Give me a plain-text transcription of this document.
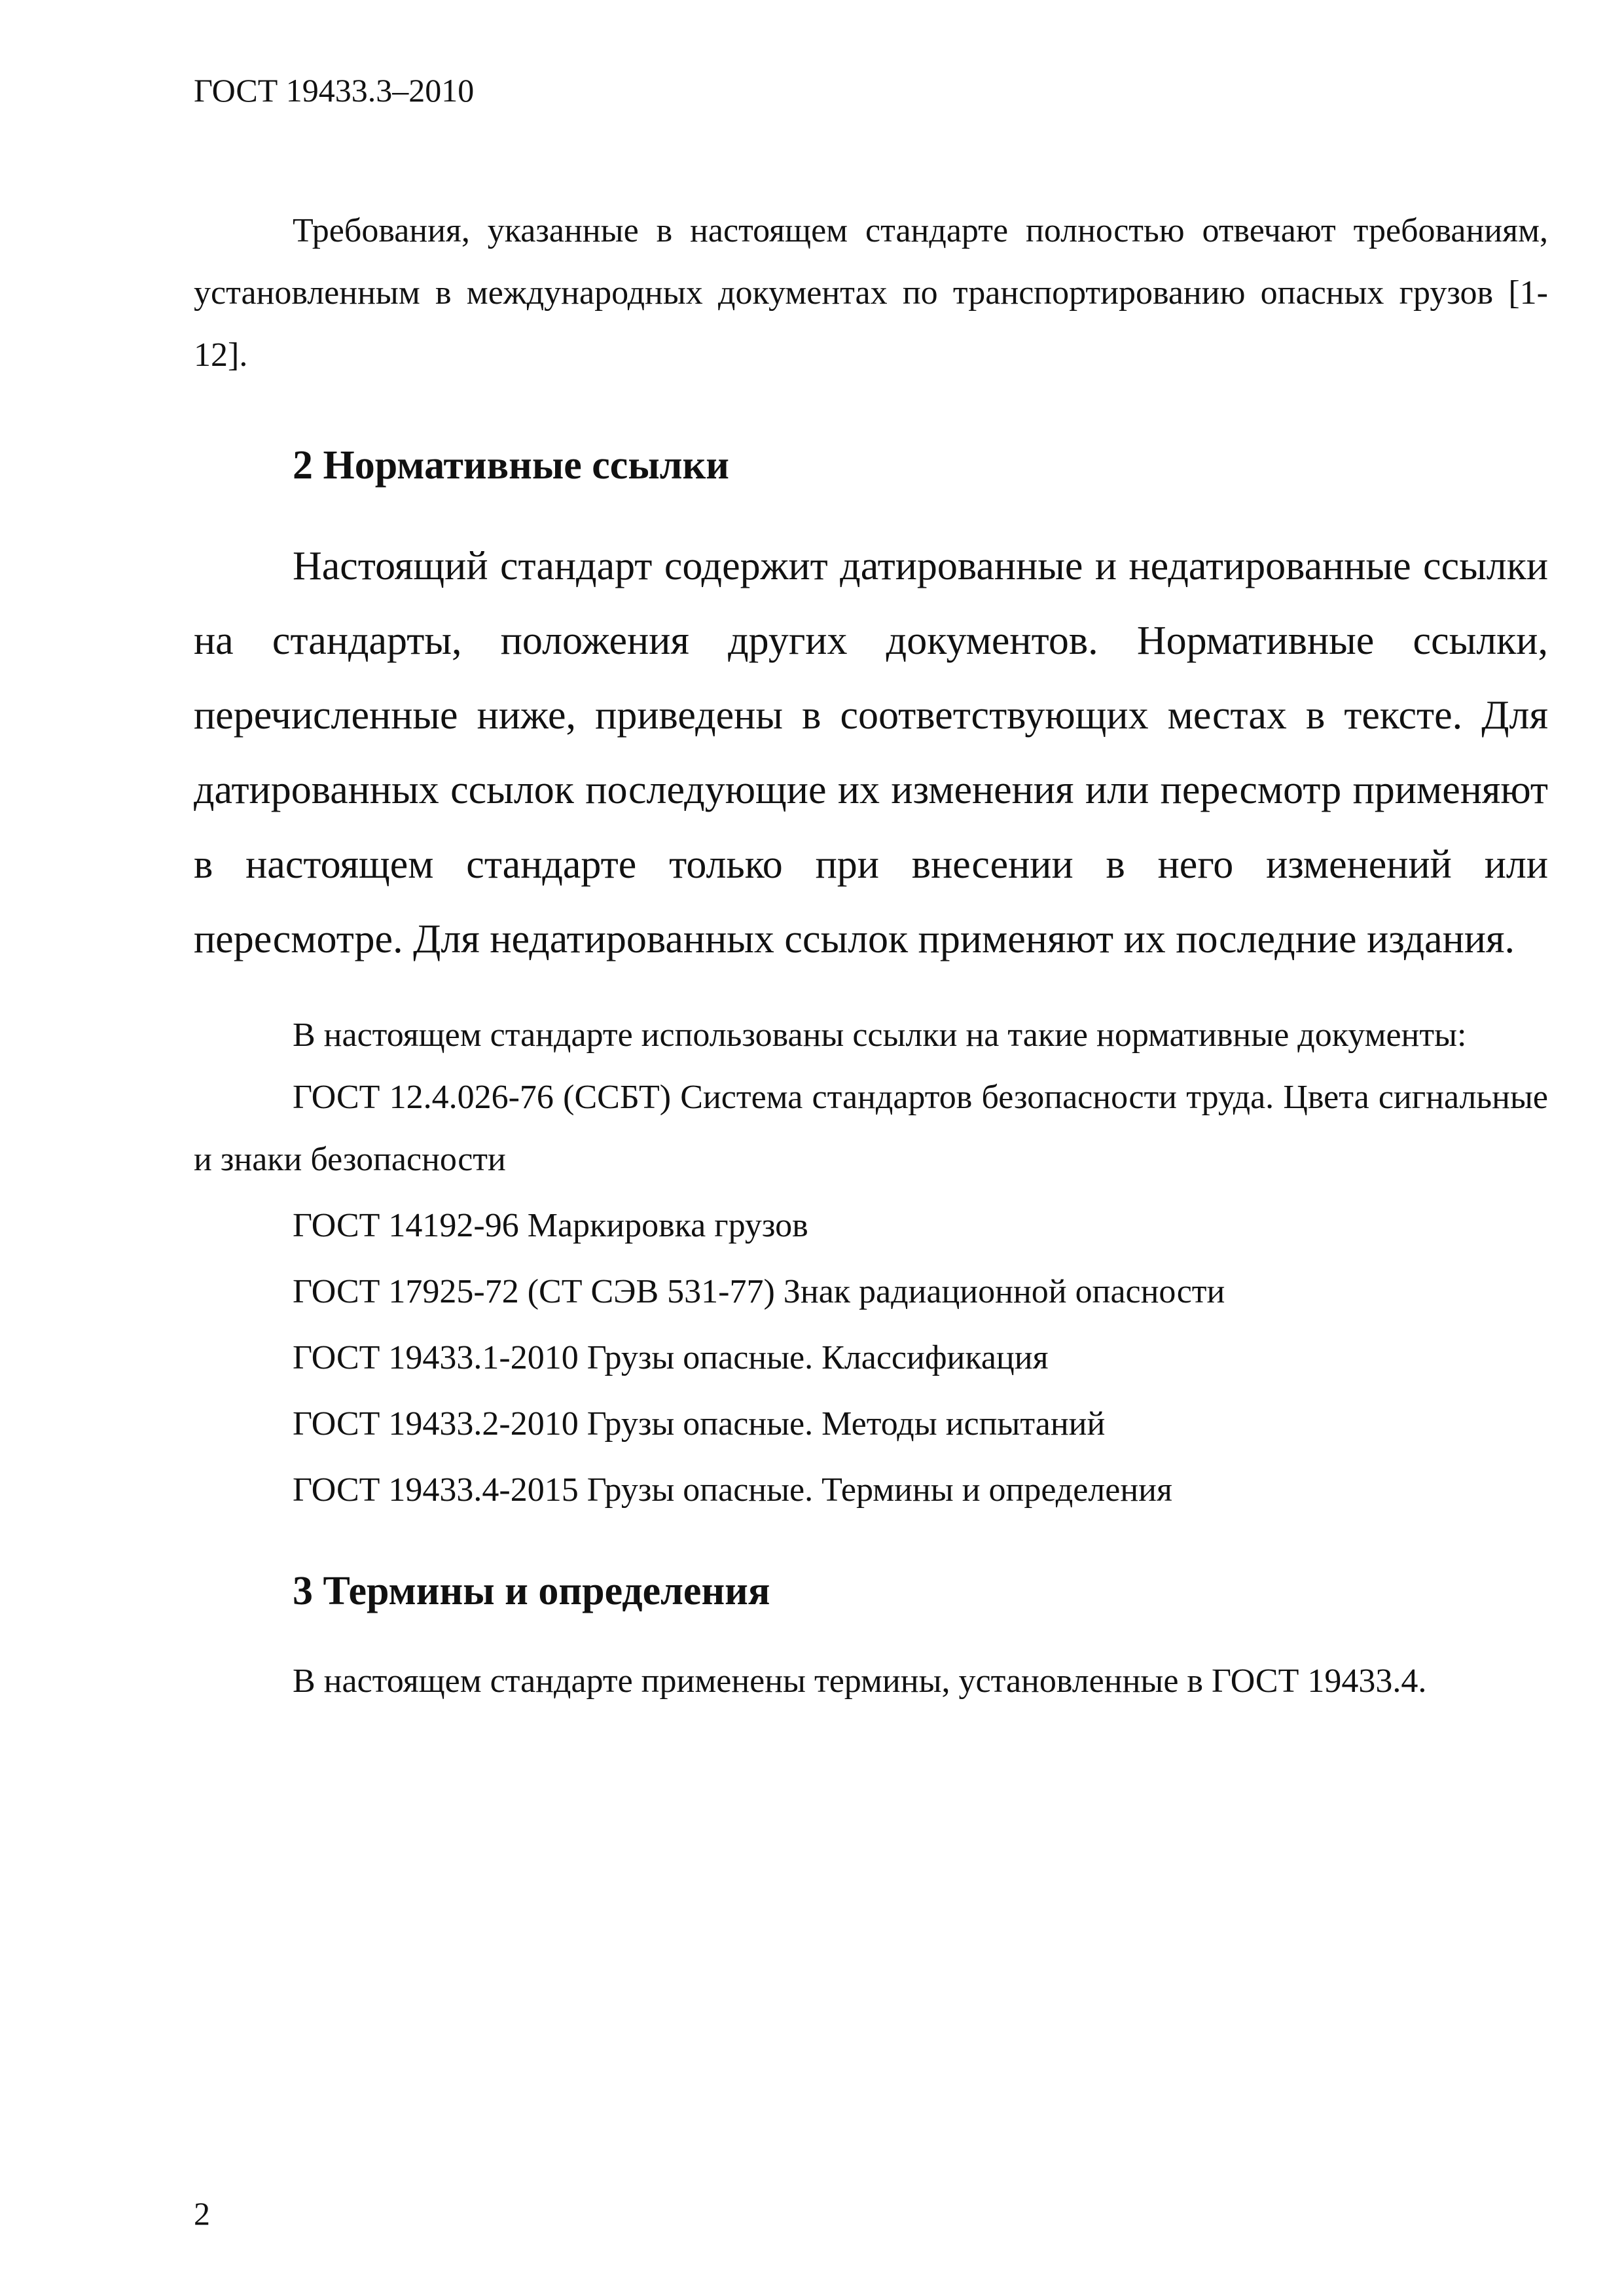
ГОСТ 19433.3–2010

Требования, указанные в настоящем стандарте полностью отвечают требованиям, установленным в международных документах по транспортированию опасных грузов [1-12].

2 Нормативные ссылки

Настоящий стандарт содержит датированные и недатированные ссылки на стандарты, положения других документов. Нормативные ссылки, перечисленные ниже, приведены в соответствующих местах в тексте. Для датированных ссылок последующие их изменения или пересмотр применяют в настоящем стандарте только при внесении в него изменений или пересмотре. Для недатированных ссылок применяют их последние издания.

В настоящем стандарте использованы ссылки на такие нормативные документы:

ГОСТ 12.4.026-76 (ССБТ) Система стандартов безопасности труда. Цвета сигнальные и знаки безопасности
ГОСТ 14192-96 Маркировка грузов
ГОСТ 17925-72 (СТ СЭВ 531-77) Знак радиационной опасности
ГОСТ 19433.1-2010 Грузы опасные. Классификация
ГОСТ 19433.2-2010 Грузы опасные. Методы испытаний
ГОСТ 19433.4-2015 Грузы опасные. Термины и определения
3 Термины и определения

В настоящем стандарте применены термины, установленные в ГОСТ 19433.4.

2
